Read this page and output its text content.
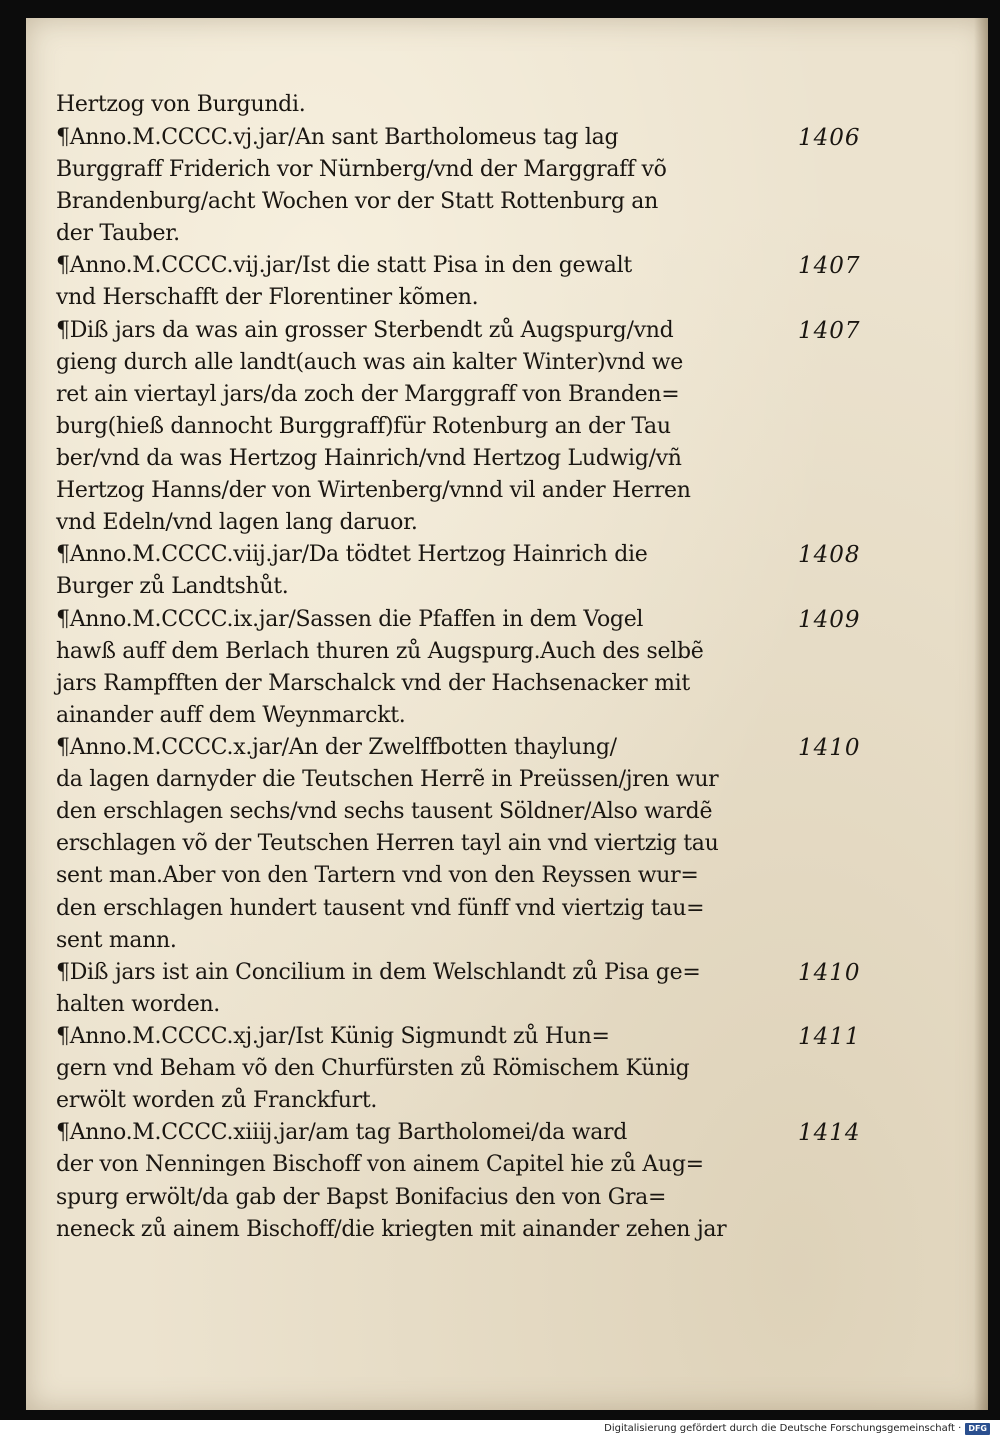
Hertzog von Burgundi.
¶Anno.M.CCCC.vj.jar/An sant Bartholomeus tag lag
Burggraff Friderich vor Nürnberg/vnd der Marggraff võ
Brandenburg/acht Wochen vor der Statt Rottenburg an
der Tauber.
¶Anno.M.CCCC.vij.jar/Ist die statt Pisa in den gewalt
vnd Herschafft der Florentiner kõmen.
¶Diß jars da was ain grosser Sterbendt zů Augspurg/vnd
gieng durch alle landt(auch was ain kalter Winter)vnd we
ret ain viertayl jars/da zoch der Marggraff von Branden=
burg(hieß dannocht Burggraff)für Rotenburg an der Tau
ber/vnd da was Hertzog Hainrich/vnd Hertzog Ludwig/vñ
Hertzog Hanns/der von Wirtenberg/vnnd vil ander Herren
vnd Edeln/vnd lagen lang daruor.
¶Anno.M.CCCC.viij.jar/Da tödtet Hertzog Hainrich die
Burger zů Landtshůt.
¶Anno.M.CCCC.ix.jar/Sassen die Pfaffen in dem Vogel
hawß auff dem Berlach thuren zů Augspurg.Auch des selbẽ
jars Rampfften der Marschalck vnd der Hachsenacker mit
ainander auff dem Weynmarckt.
¶Anno.M.CCCC.x.jar/An der Zwelffbotten thaylung/
da lagen darnyder die Teutschen Herrẽ in Preüssen/jren wur
den erschlagen sechs/vnd sechs tausent Söldner/Also wardẽ
erschlagen võ der Teutschen Herren tayl ain vnd viertzig tau
sent man.Aber von den Tartern vnd von den Reyssen wur=
den erschlagen hundert tausent vnd fünff vnd viertzig tau=
sent mann.
¶Diß jars ist ain Concilium in dem Welschlandt zů Pisa ge=
halten worden.
¶Anno.M.CCCC.xj.jar/Ist Künig Sigmundt zů Hun=
gern vnd Beham võ den Churfürsten zů Römischem Künig
erwölt worden zů Franckfurt.
¶Anno.M.CCCC.xiiij.jar/am tag Bartholomei/da ward
der von Nenningen Bischoff von ainem Capitel hie zů Aug=
spurg erwölt/da gab der Bapst Bonifacius den von Gra=
neneck zů ainem Bischoff/die kriegten mit ainander zehen jar
1406
1407
1407
1408
1409
1410
1410
1411
1414
Digitalisierung gefördert durch die Deutsche Forschungsgemeinschaft · DFG
